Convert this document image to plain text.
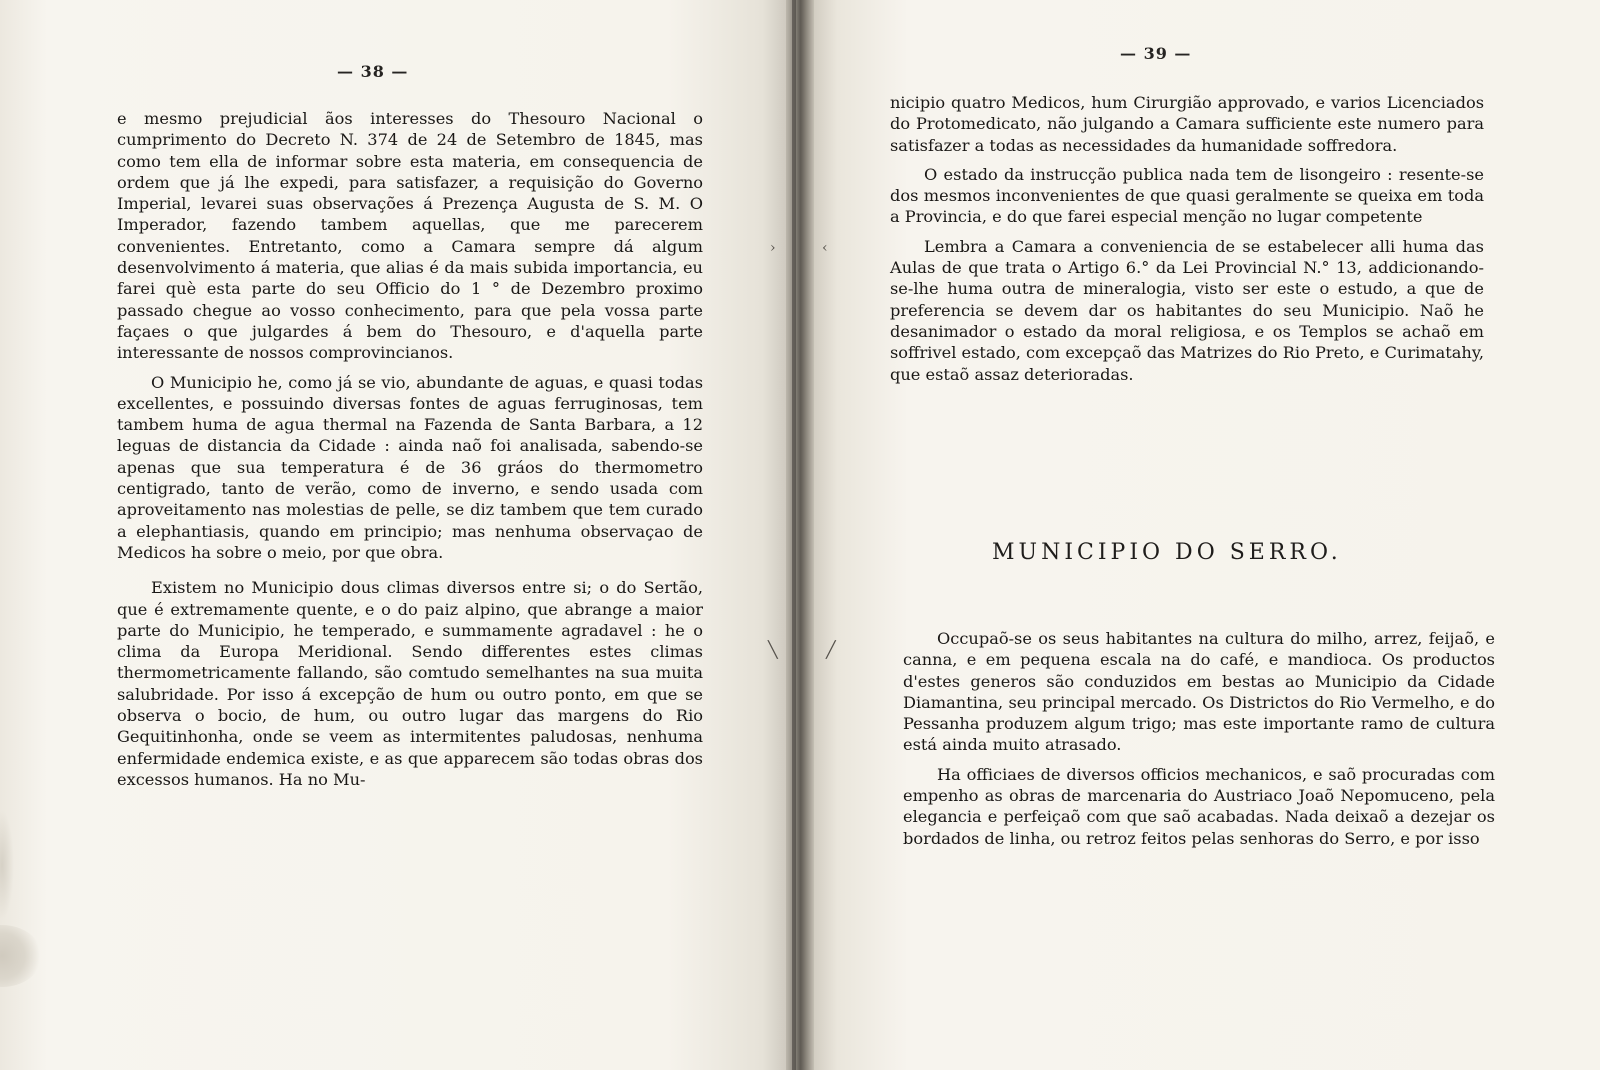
— 38 —

e mesmo prejudicial ãos interesses do Thesouro Nacional o cumprimento do Decreto N. 374 de 24 de Setembro de 1845, mas como tem ella de informar sobre esta materia, em consequencia de ordem que já lhe expedi, para satisfazer, a requisição do Governo Imperial, levarei suas observações á Prezença Augusta de S. M. O Imperador, fazendo tambem aquellas, que me parecerem convenientes. Entretanto, como a Camara sempre dá algum desenvolvimento á materia, que alias é da mais subida importancia, eu farei què esta parte do seu Officio do 1 ° de Dezembro proximo passado chegue ao vosso conhecimento, para que pela vossa parte façaes o que julgardes á bem do Thesouro, e d'aquella parte interessante de nossos comprovincianos.

O Municipio he, como já se vio, abundante de aguas, e quasi todas excellentes, e possuindo diversas fontes de aguas ferruginosas, tem tambem huma de agua thermal na Fazenda de Santa Barbara, a 12 leguas de distancia da Cidade : ainda naõ foi analisada, sabendo-se apenas que sua temperatura é de 36 gráos do thermometro centigrado, tanto de verão, como de inverno, e sendo usada com aproveitamento nas molestias de pelle, se diz tambem que tem curado a elephantiasis, quando em principio; mas nenhuma observaçao de Medicos ha sobre o meio, por que obra.

Existem no Municipio dous climas diversos entre si; o do Sertão, que é extremamente quente, e o do paiz alpino, que abrange a maior parte do Municipio, he temperado, e summamente agradavel : he o clima da Europa Meridional. Sendo differentes estes climas thermometricamente fallando, são comtudo semelhantes na sua muita salubridade. Por isso á excepção de hum ou outro ponto, em que se observa o bocio, de hum, ou outro lugar das margens do Rio Gequitinhonha, onde se veem as intermitentes paludosas, nenhuma enfermidade endemica existe, e as que apparecem são todas obras dos excessos humanos. Ha no Mu-

— 39 —

nicipio quatro Medicos, hum Cirurgião approvado, e varios Licenciados do Protomedicato, não julgando a Camara sufficiente este numero para satisfazer a todas as necessidades da humanidade soffredora.

O estado da instrucção publica nada tem de lisongeiro : resente-se dos mesmos inconvenientes de que quasi geralmente se queixa em toda a Provincia, e do que farei especial menção no lugar competente

Lembra a Camara a conveniencia de se estabelecer alli huma das Aulas de que trata o Artigo 6.° da Lei Provincial N.° 13, addicionando-se-lhe huma outra de mineralogia, visto ser este o estudo, a que de preferencia se devem dar os habitantes do seu Municipio. Naõ he desanimador o estado da moral religiosa, e os Templos se achaõ em soffrivel estado, com excepçaõ das Matrizes do Rio Preto, e Curimatahy, que estaõ assaz deterioradas.

MUNICIPIO DO SERRO.

Occupaõ-se os seus habitantes na cultura do milho, arrez, feijaõ, e canna, e em pequena escala na do café, e mandioca. Os productos d'estes generos são conduzidos em bestas ao Municipio da Cidade Diamantina, seu principal mercado. Os Districtos do Rio Vermelho, e do Pessanha produzem algum trigo; mas este importante ramo de cultura está ainda muito atrasado.

Ha officiaes de diversos officios mechanicos, e saõ procuradas com empenho as obras de marcenaria do Austriaco Joaõ Nepomuceno, pela elegancia e perfeiçaõ com que saõ acabadas. Nada deixaõ a dezejar os bordados de linha, ou retroz feitos pelas senhoras do Serro, e por isso

›	‹
╲	╱
